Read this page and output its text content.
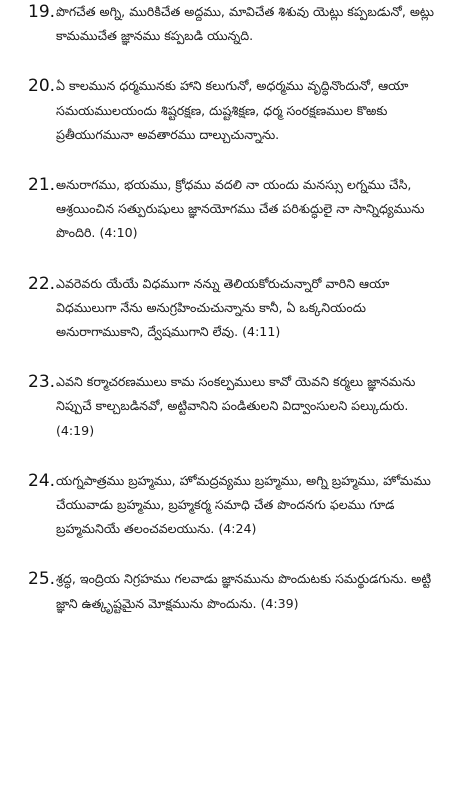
19. పొగచేత అగ్ని, మురికిచేత అద్దము, మావిచేత శిశువు యెట్లు కప్పబడునో, అట్లు కామముచేత జ్ఞానము కప్పబడి యున్నది.
20. ఏ కాలమున ధర్మమునకు హాని కలుగునో, అధర్మము వృద్ధినొందునో, ఆయా సమయములయందు శిష్టరక్షణ, దుష్టశిక్షణ, ధర్మ సంరక్షణముల కొఱకు ప్రతీయుగమునా అవతారము దాల్చుచున్నాను.
21. అనురాగము, భయము, క్రోధము వదలి నా యందు మనస్సు లగ్నము చేసి, ఆశ్రయించిన సత్పురుషులు జ్ఞానయోగము చేత పరిశుద్ధులై నా సాన్నిధ్యమును పొందిరి. (4:10)
22. ఎవరెవరు యేయే విధముగా నన్ను తెలియకోరుచున్నారో వారిని ఆయా విధములుగా నేను అనుగ్రహించుచున్నాను కానీ, ఏ ఒక్కనియందు అనురాగాముకాని, ద్వేషముగాని లేవు. (4:11)
23. ఎవని కర్మాచరణములు కామ సంకల్పములు కావో యెవని కర్మలు జ్ఞానమను నిప్పుచే కాల్చబడినవో, అట్టివానిని పండితులని విద్వాంసులని పల్కుదురు. (4:19)
24. యగ్నపాత్రము బ్రహ్మము, హోమద్రవ్యము బ్రహ్మము, అగ్ని బ్రహ్మము, హోమము చేయువాడు బ్రహ్మము, బ్రహ్మకర్మ సమాధి చేత పొందనగు ఫలము గూడ బ్రహ్మమనియే తలంచవలయును. (4:24)
25. శ్రద్ధ, ఇంద్రియ నిగ్రహము గలవాడు జ్ఞానమును పొందుటకు సమర్థుడగును. అట్టి జ్ఞాని ఉత్కృష్టమైన మోక్షమును పొందును. (4:39)
